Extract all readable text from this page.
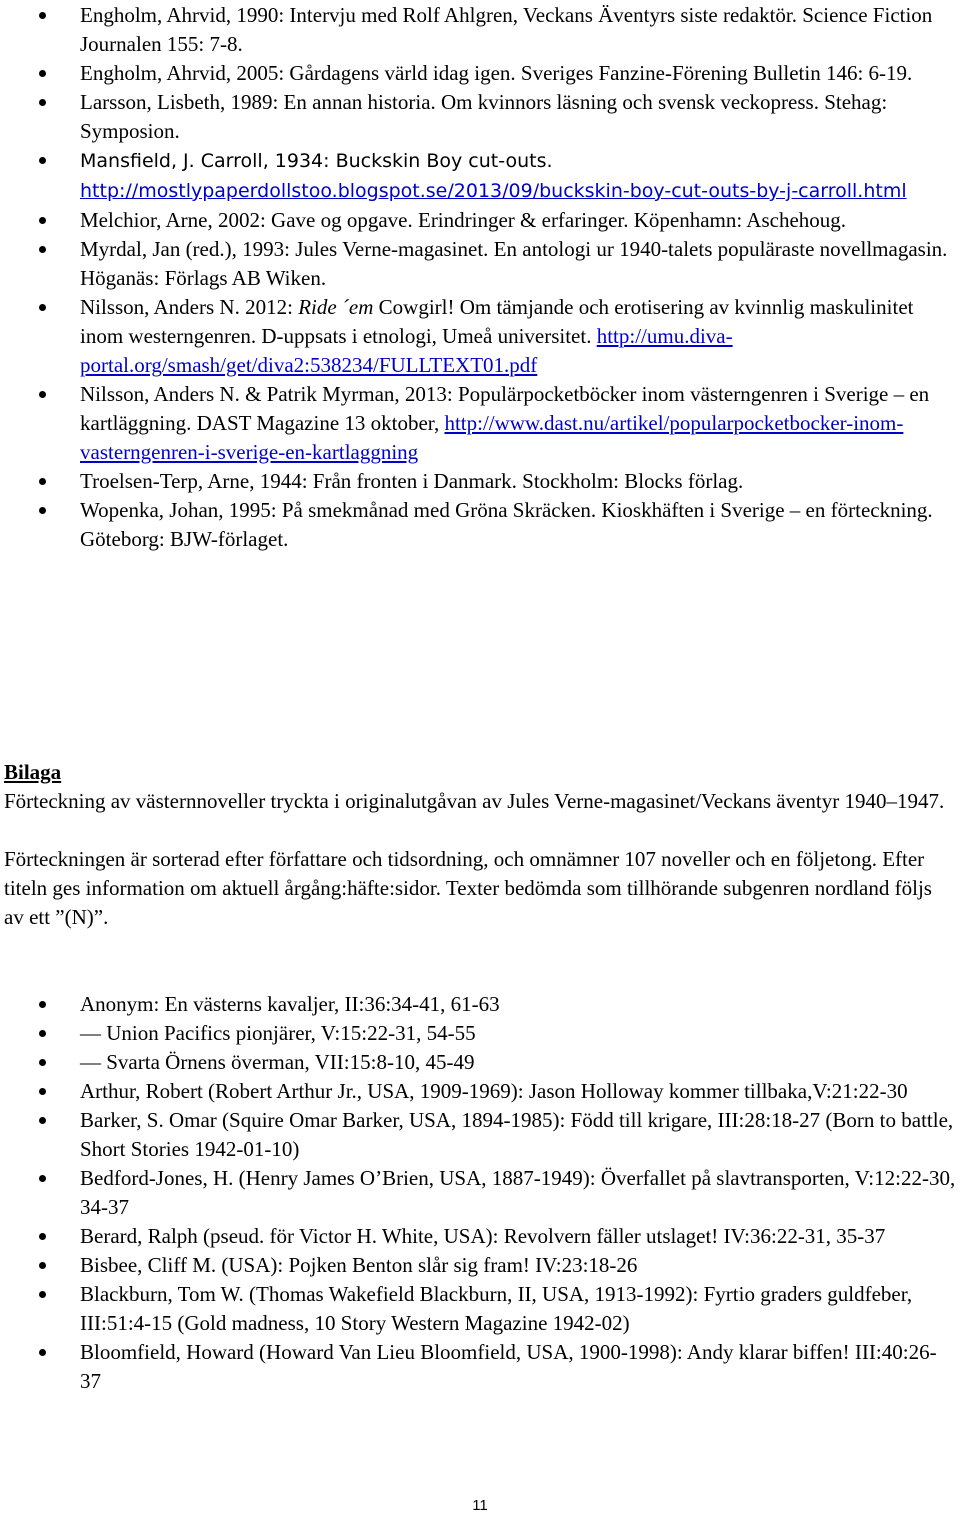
Engholm, Ahrvid, 1990: Intervju med Rolf Ahlgren, Veckans Äventyrs siste redaktör. Science Fiction Journalen 155: 7-8.
Engholm, Ahrvid, 2005: Gårdagens värld idag igen. Sveriges Fanzine-Förening Bulletin 146: 6-19.
Larsson, Lisbeth, 1989: En annan historia. Om kvinnors läsning och svensk veckopress. Stehag: Symposion.
Mansfield, J. Carroll, 1934: Buckskin Boy cut-outs. http://mostlypaperdollstoo.blogspot.se/2013/09/buckskin-boy-cut-outs-by-j-carroll.html
Melchior, Arne, 2002: Gave og opgave. Erindringer & erfaringer. Köpenhamn: Aschehoug.
Myrdal, Jan (red.), 1993: Jules Verne-magasinet. En antologi ur 1940-talets populäraste novellmagasin. Höganäs: Förlags AB Wiken.
Nilsson, Anders N. 2012: Ride ´em Cowgirl! Om tämjande och erotisering av kvinnlig maskulinitet inom westerngenren. D-uppsats i etnologi, Umeå universitet. http://umu.diva-portal.org/smash/get/diva2:538234/FULLTEXT01.pdf
Nilsson, Anders N. & Patrik Myrman, 2013: Populärpocketböcker inom västerngenren i Sverige – en kartläggning. DAST Magazine 13 oktober, http://www.dast.nu/artikel/popularpocketbocker-inom-vasterngenren-i-sverige-en-kartlaggning
Troelsen-Terp, Arne, 1944: Från fronten i Danmark. Stockholm: Blocks förlag.
Wopenka, Johan, 1995: På smekmånad med Gröna Skräcken. Kioskhäften i Sverige – en förteckning. Göteborg: BJW-förlaget.
Bilaga

Förteckning av västernnoveller tryckta i originalutgåvan av Jules Verne-magasinet/Veckans äventyr 1940–1947.

Förteckningen är sorterad efter författare och tidsordning, och omnämner 107 noveller och en följetong. Efter titeln ges information om aktuell årgång:häfte:sidor. Texter bedömda som tillhörande subgenren nordland följs av ett ”(N)”.

Anonym: En västerns kavaljer, II:36:34-41, 61-63
— Union Pacifics pionjärer, V:15:22-31, 54-55
— Svarta Örnens överman, VII:15:8-10, 45-49
Arthur, Robert (Robert Arthur Jr., USA, 1909-1969): Jason Holloway kommer tillbaka,V:21:22-30
Barker, S. Omar (Squire Omar Barker, USA, 1894-1985): Född till krigare, III:28:18-27 (Born to battle, Short Stories 1942-01-10)
Bedford-Jones, H. (Henry James O’Brien, USA, 1887-1949): Överfallet på slavtransporten, V:12:22-30, 34-37
Berard, Ralph (pseud. för Victor H. White, USA): Revolvern fäller utslaget! IV:36:22-31, 35-37
Bisbee, Cliff M. (USA): Pojken Benton slår sig fram! IV:23:18-26
Blackburn, Tom W. (Thomas Wakefield Blackburn, II, USA, 1913-1992): Fyrtio graders guldfeber, III:51:4-15 (Gold madness, 10 Story Western Magazine 1942-02)
Bloomfield, Howard (Howard Van Lieu Bloomfield, USA, 1900-1998): Andy klarar biffen! III:40:26-37
11
